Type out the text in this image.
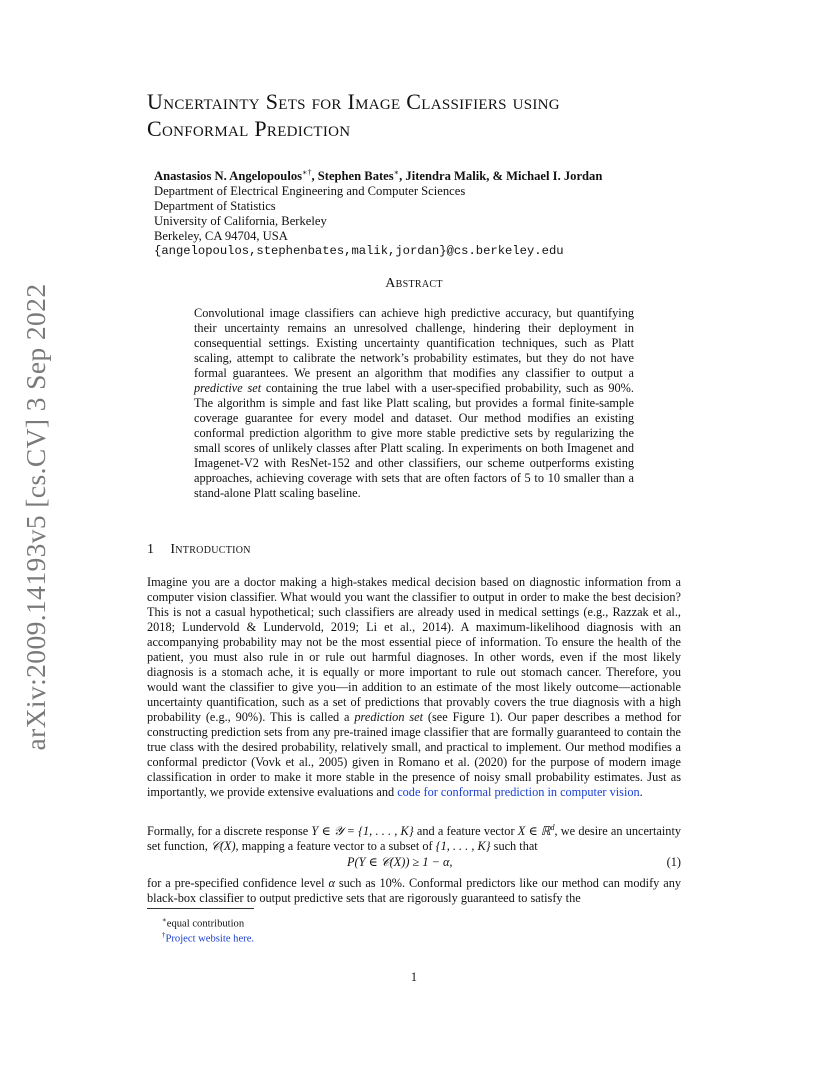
arXiv:2009.14193v5 [cs.CV] 3 Sep 2022
Uncertainty Sets for Image Classifiers using
Conformal Prediction
Anastasios N. Angelopoulos∗†, Stephen Bates∗, Jitendra Malik, & Michael I. Jordan
Department of Electrical Engineering and Computer Sciences
Department of Statistics
University of California, Berkeley
Berkeley, CA 94704, USA
{angelopoulos,stephenbates,malik,jordan}@cs.berkeley.edu
Abstract
Convolutional image classifiers can achieve high predictive accuracy, but quantifying their uncertainty remains an unresolved challenge, hindering their deployment in consequential settings. Existing uncertainty quantification techniques, such as Platt scaling, attempt to calibrate the network’s probability estimates, but they do not have formal guarantees. We present an algorithm that modifies any classifier to output a predictive set containing the true label with a user-specified probability, such as 90%. The algorithm is simple and fast like Platt scaling, but provides a formal finite-sample coverage guarantee for every model and dataset. Our method modifies an existing conformal prediction algorithm to give more stable predictive sets by regularizing the small scores of unlikely classes after Platt scaling. In experiments on both Imagenet and Imagenet-V2 with ResNet-152 and other classifiers, our scheme outperforms existing approaches, achieving coverage with sets that are often factors of 5 to 10 smaller than a stand-alone Platt scaling baseline.
1 Introduction
Imagine you are a doctor making a high-stakes medical decision based on diagnostic information from a computer vision classifier. What would you want the classifier to output in order to make the best decision? This is not a casual hypothetical; such classifiers are already used in medical settings (e.g., Razzak et al., 2018; Lundervold & Lundervold, 2019; Li et al., 2014). A maximum-likelihood diagnosis with an accompanying probability may not be the most essential piece of information. To ensure the health of the patient, you must also rule in or rule out harmful diagnoses. In other words, even if the most likely diagnosis is a stomach ache, it is equally or more important to rule out stomach cancer. Therefore, you would want the classifier to give you—in addition to an estimate of the most likely outcome—actionable uncertainty quantification, such as a set of predictions that provably covers the true diagnosis with a high probability (e.g., 90%). This is called a prediction set (see Figure 1). Our paper describes a method for constructing prediction sets from any pre-trained image classifier that are formally guaranteed to contain the true class with the desired probability, relatively small, and practical to implement. Our method modifies a conformal predictor (Vovk et al., 2005) given in Romano et al. (2020) for the purpose of modern image classification in order to make it more stable in the presence of noisy small probability estimates. Just as importantly, we provide extensive evaluations and code for conformal prediction in computer vision.
Formally, for a discrete response Y ∈ 𝒴 = {1, . . . , K} and a feature vector X ∈ ℝ$^d$, we desire an uncertainty set function, 𝒞(X), mapping a feature vector to a subset of {1, . . . , K} such that
P(Y ∈ 𝒞(X)) ≥ 1 − α,	(1)
for a pre-specified confidence level α such as 10%. Conformal predictors like our method can modify any black-box classifier to output predictive sets that are rigorously guaranteed to satisfy the
∗equal contribution
†Project website here.
1
